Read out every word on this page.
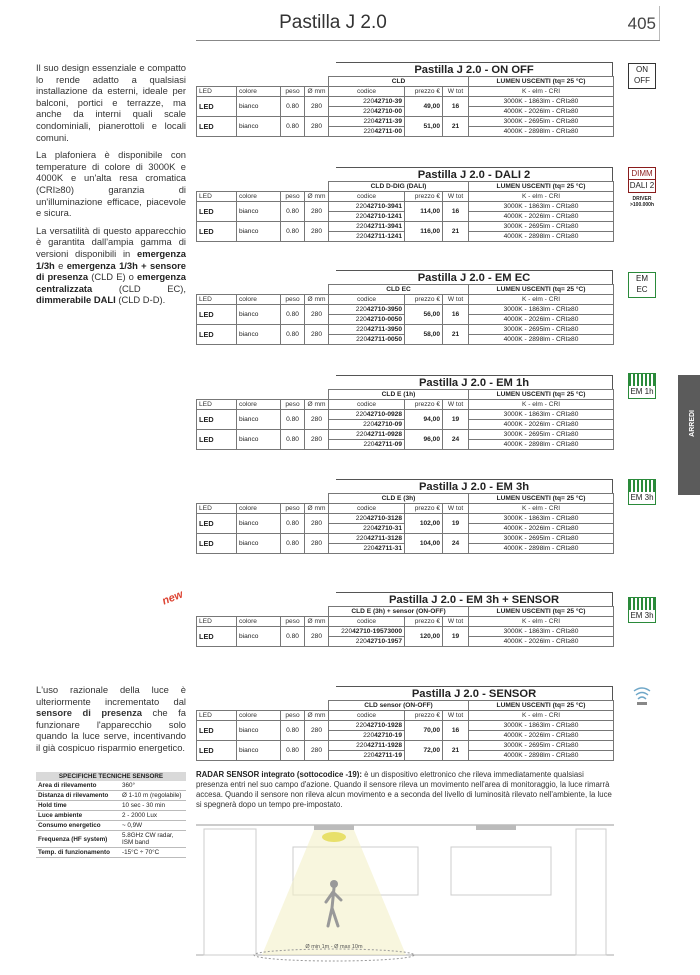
Pastilla J 2.0	405
ARREDI

Il suo design essenziale e compatto lo rende adatto a qualsiasi installazione da esterni, ideale per balconi, portici e terrazze, ma anche da interni quali scale condominiali, pianerottoli e locali comuni.

La plafoniera è disponibile con temperature di colore di 3000K e 4000K e un'alta resa cromatica (CRI≥80) garanzia di un'illuminazione efficace, piacevole e sicura.

La versatilità di questo apparecchio è garantita dall'ampia gamma di versioni disponibili in emergenza 1/3h e emergenza 1/3h + sensore di presenza (CLD E) o emergenza centralizzata (CLD EC), dimmerabile DALI (CLD D-D).

L'uso razionale della luce è ulteriormente incrementato dal sensore di presenza che fa funzionare l'apparecchio solo quando la luce serve, incentivando il già cospicuo risparmio energetico.
new
Pastilla J 2.0 - ON OFF
				CLD			LUMEN USCENTI (tq= 25 °C)
LED	colore	peso	Ø mm	codice	prezzo €	W tot	K - elm - CRI
LED	bianco	0.80	280	22042710-39	49,00	16	3000K - 1863lm - CRI≥80
				22042710-00			4000K - 2026lm - CRI≥80
LED	bianco	0.80	280	22042711-39	51,00	21	3000K - 2695lm - CRI≥80
				22042711-00			4000K - 2898lm - CRI≥80
Pastilla J 2.0 - DALI 2
				CLD D-DIG (DALI)			LUMEN USCENTI (tq= 25 °C)
LED	colore	peso	Ø mm	codice	prezzo €	W tot	K - elm - CRI
LED	bianco	0.80	280	22042710-3941	114,00	16	3000K - 1863lm - CRI≥80
				22042710-1241			4000K - 2026lm - CRI≥80
LED	bianco	0.80	280	22042711-3941	116,00	21	3000K - 2695lm - CRI≥80
				22042711-1241			4000K - 2898lm - CRI≥80
Pastilla J 2.0 - EM EC
				CLD EC			LUMEN USCENTI (tq= 25 °C)
LED	colore	peso	Ø mm	codice	prezzo €	W tot	K - elm - CRI
LED	bianco	0.80	280	22042710-3950	56,00	16	3000K - 1863lm - CRI≥80
				22042710-0050			4000K - 2026lm - CRI≥80
LED	bianco	0.80	280	22042711-3950	58,00	21	3000K - 2695lm - CRI≥80
				22042711-0050			4000K - 2898lm - CRI≥80
Pastilla J 2.0 - EM 1h
				CLD E (1h)			LUMEN USCENTI (tq= 25 °C)
LED	colore	peso	Ø mm	codice	prezzo €	W tot	K - elm - CRI
LED	bianco	0.80	280	22042710-0928	94,00	19	3000K - 1863lm - CRI≥80
				22042710-09			4000K - 2026lm - CRI≥80
LED	bianco	0.80	280	22042711-0928	96,00	24	3000K - 2695lm - CRI≥80
				22042711-09			4000K - 2898lm - CRI≥80
Pastilla J 2.0 - EM 3h
				CLD E (3h)			LUMEN USCENTI (tq= 25 °C)
LED	colore	peso	Ø mm	codice	prezzo €	W tot	K - elm - CRI
LED	bianco	0.80	280	22042710-3128	102,00	19	3000K - 1863lm - CRI≥80
				22042710-31			4000K - 2026lm - CRI≥80
LED	bianco	0.80	280	22042711-3128	104,00	24	3000K - 2695lm - CRI≥80
				22042711-31			4000K - 2898lm - CRI≥80
Pastilla J 2.0 - EM 3h + SENSOR
				CLD E (3h) + sensor (ON-OFF)			LUMEN USCENTI (tq= 25 °C)
LED	colore	peso	Ø mm	codice	prezzo €	W tot	K - elm - CRI
LED	bianco	0.80	280	22042710-19573000	120,00	19	3000K - 1863lm - CRI≥80
				22042710-1957			4000K - 2026lm - CRI≥80
Pastilla J 2.0 - SENSOR
				CLD sensor (ON-OFF)			LUMEN USCENTI (tq= 25 °C)
LED	colore	peso	Ø mm	codice	prezzo €	W tot	K - elm - CRI
LED	bianco	0.80	280	22042710-1928	70,00	16	3000K - 1863lm - CRI≥80
				22042710-19			4000K - 2026lm - CRI≥80
LED	bianco	0.80	280	22042711-1928	72,00	21	3000K - 2695lm - CRI≥80
				22042711-19			4000K - 2898lm - CRI≥80
ON
OFF
DIMM
DALI 2
DRIVER >100.000h
EM
EC
EM 1h
EM 3h
EM 3h
SPECIFICHE TECNICHE SENSORE	
Area di rilevamento	360°
Distanza di rilevamento	Ø 1-10 m (regolabile)
Hold time	10 sec - 30 min
Luce ambiente	2 - 2000 Lux
Consumo energetico	~ 0,9W
Frequenza (HF system)	5.8GHz CW radar, ISM band
Temp. di funzionamento	-15°C ÷ 70°C
RADAR SENSOR integrato (sottocodice -19): è un dispositivo elettronico che rileva immediatamente qualsiasi presenza entri nel suo campo d'azione. Quando il sensore rileva un movimento nell'area di monitoraggio, la luce rimarrà accesa. Quando il sensore non rileva alcun movimento e a seconda del livello di luminosità rilevato nell'ambiente, la luce si spegnerà dopo un tempo pre-impostato.
Ø min 1m - Ø max 10m
